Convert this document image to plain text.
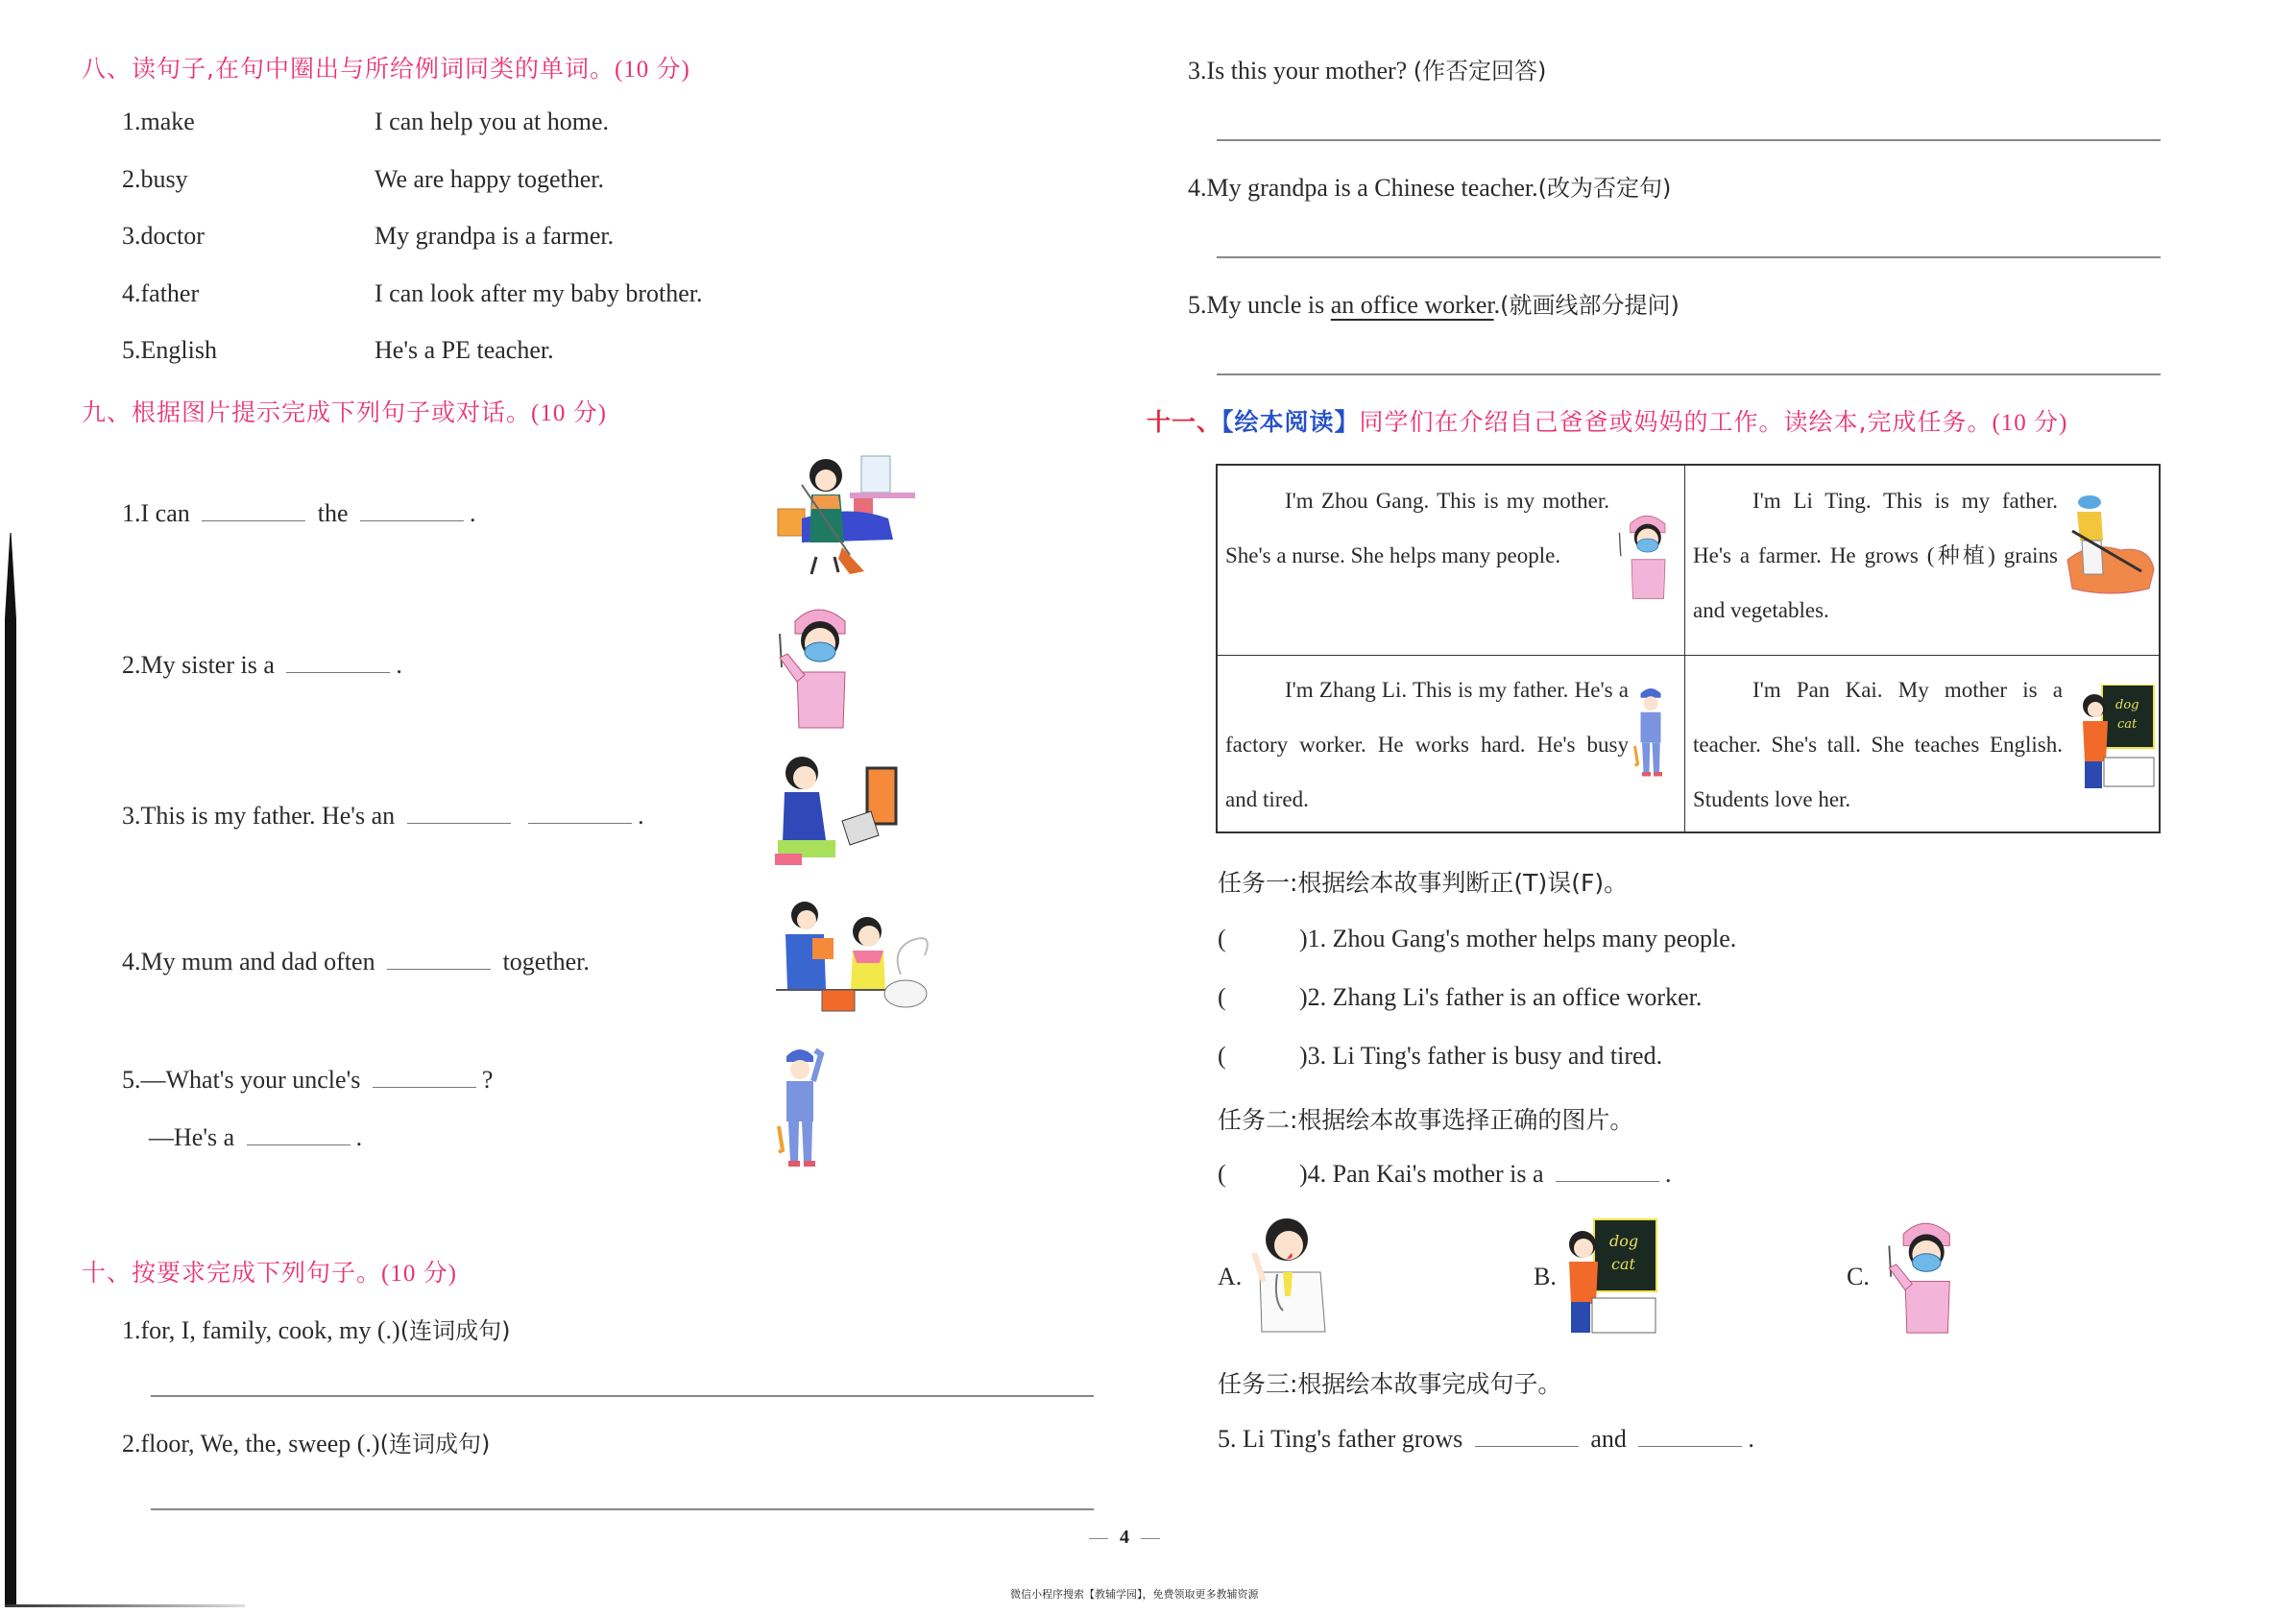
八、读句子,在句中圈出与所给例词同类的单词。(10 分)
1.make	I can help you at home.
2.busy	We are happy together.
3.doctor	My grandpa is a farmer.
4.father	I can look after my baby brother.
5.English	He's a PE teacher.
九、根据图片提示完成下列句子或对话。(10 分)
1.I can	the	.
2.My sister is a	.
3.This is my father. He's an	.
4.My mum and dad often	together.
5.—What's your uncle's	?
—He's a	.
十、按要求完成下列句子。(10 分)
1.for, I, family, cook, my (.)(连词成句)
2.floor, We, the, sweep (.)(连词成句)
3.Is this your mother? (作否定回答)
4.My grandpa is a Chinese teacher.(改为否定句)
5.My uncle is an office worker.(就画线部分提问)
十一、【绘本阅读】同学们在介绍自己爸爸或妈妈的工作。读绘本,完成任务。(10 分)
I'm Zhou Gang. This is my mother. She's a nurse. She helps many people.
I'm Li Ting. This is my father. He's a farmer. He grows (种植) grains and vegetables.
I'm Zhang Li. This is my father. He's a factory worker. He works hard. He's busy and tired.
I'm Pan Kai. My mother is a teacher. She's tall. She teaches English. Students love her.
dog
cat
任务一:根据绘本故事判断正(T)误(F)。
(	)1. Zhou Gang's mother helps many people.
(	)2. Zhang Li's father is an office worker.
(	)3. Li Ting's father is busy and tired.
任务二:根据绘本故事选择正确的图片。
(	)4. Pan Kai's mother is a	.
A.	B.
dog
cat	C.
任务三:根据绘本故事完成句子。
5. Li Ting's father grows	and	.
4
微信小程序搜索【教辅学园】，免费领取更多教辅资源
